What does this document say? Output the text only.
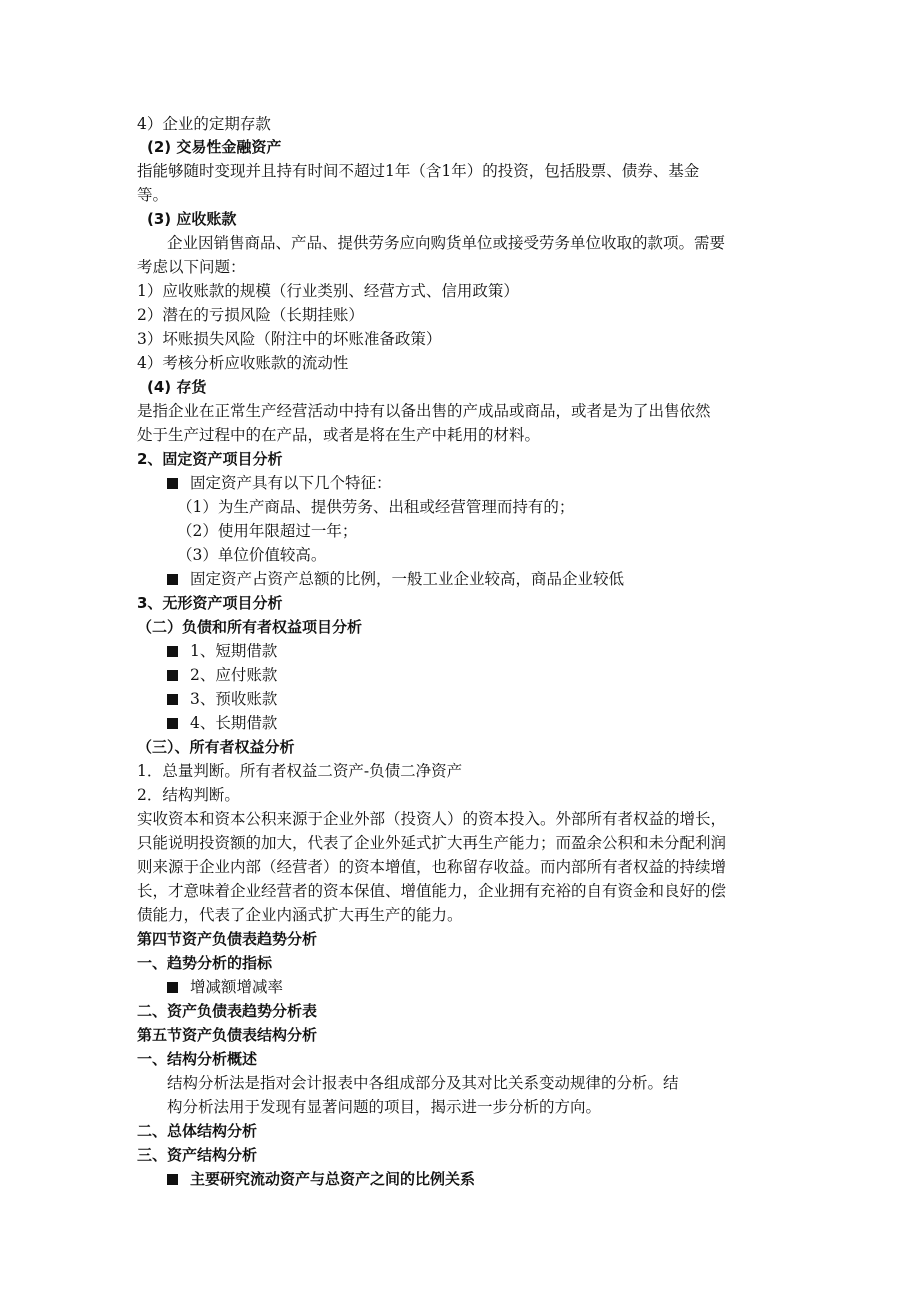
4）企业的定期存款
(2) 交易性金融资产
指能够随时变现并且持有时间不超过1年（含1年）的投资，包括股票、债券、基金
等。
(3) 应收账款
企业因销售商品、产品、提供劳务应向购货单位或接受劳务单位收取的款项。需要
考虑以下问题：
1）应收账款的规模（行业类别、经营方式、信用政策）
2）潜在的亏损风险（长期挂账）
3）坏账损失风险（附注中的坏账准备政策）
4）考核分析应收账款的流动性
(4) 存货
是指企业在正常生产经营活动中持有以备出售的产成品或商品，或者是为了出售依然
处于生产过程中的在产品，或者是将在生产中耗用的材料。
2、固定资产项目分析
固定资产具有以下几个特征：
（1）为生产商品、提供劳务、出租或经营管理而持有的；
（2）使用年限超过一年；
（3）单位价值较高。
固定资产占资产总额的比例，一般工业企业较高，商品企业较低
3、无形资产项目分析
（二）负债和所有者权益项目分析
1、短期借款
2、应付账款
3、预收账款
4、长期借款
（三）、所有者权益分析
1．总量判断。所有者权益二资产-负债二净资产
2．结构判断。
实收资本和资本公积来源于企业外部（投资人）的资本投入。外部所有者权益的增长，
只能说明投资额的加大，代表了企业外延式扩大再生产能力；而盈余公积和未分配利润
则来源于企业内部（经营者）的资本增值，也称留存收益。而内部所有者权益的持续增
长，才意味着企业经营者的资本保值、增值能力，企业拥有充裕的自有资金和良好的偿
债能力，代表了企业内涵式扩大再生产的能力。
第四节资产负债表趋势分析
一、趋势分析的指标
增减额增减率
二、资产负债表趋势分析表
第五节资产负债表结构分析
一、结构分析概述
结构分析法是指对会计报表中各组成部分及其对比关系变动规律的分析。结
构分析法用于发现有显著问题的项目，揭示进一步分析的方向。
二、总体结构分析
三、资产结构分析
主要研究流动资产与总资产之间的比例关系
